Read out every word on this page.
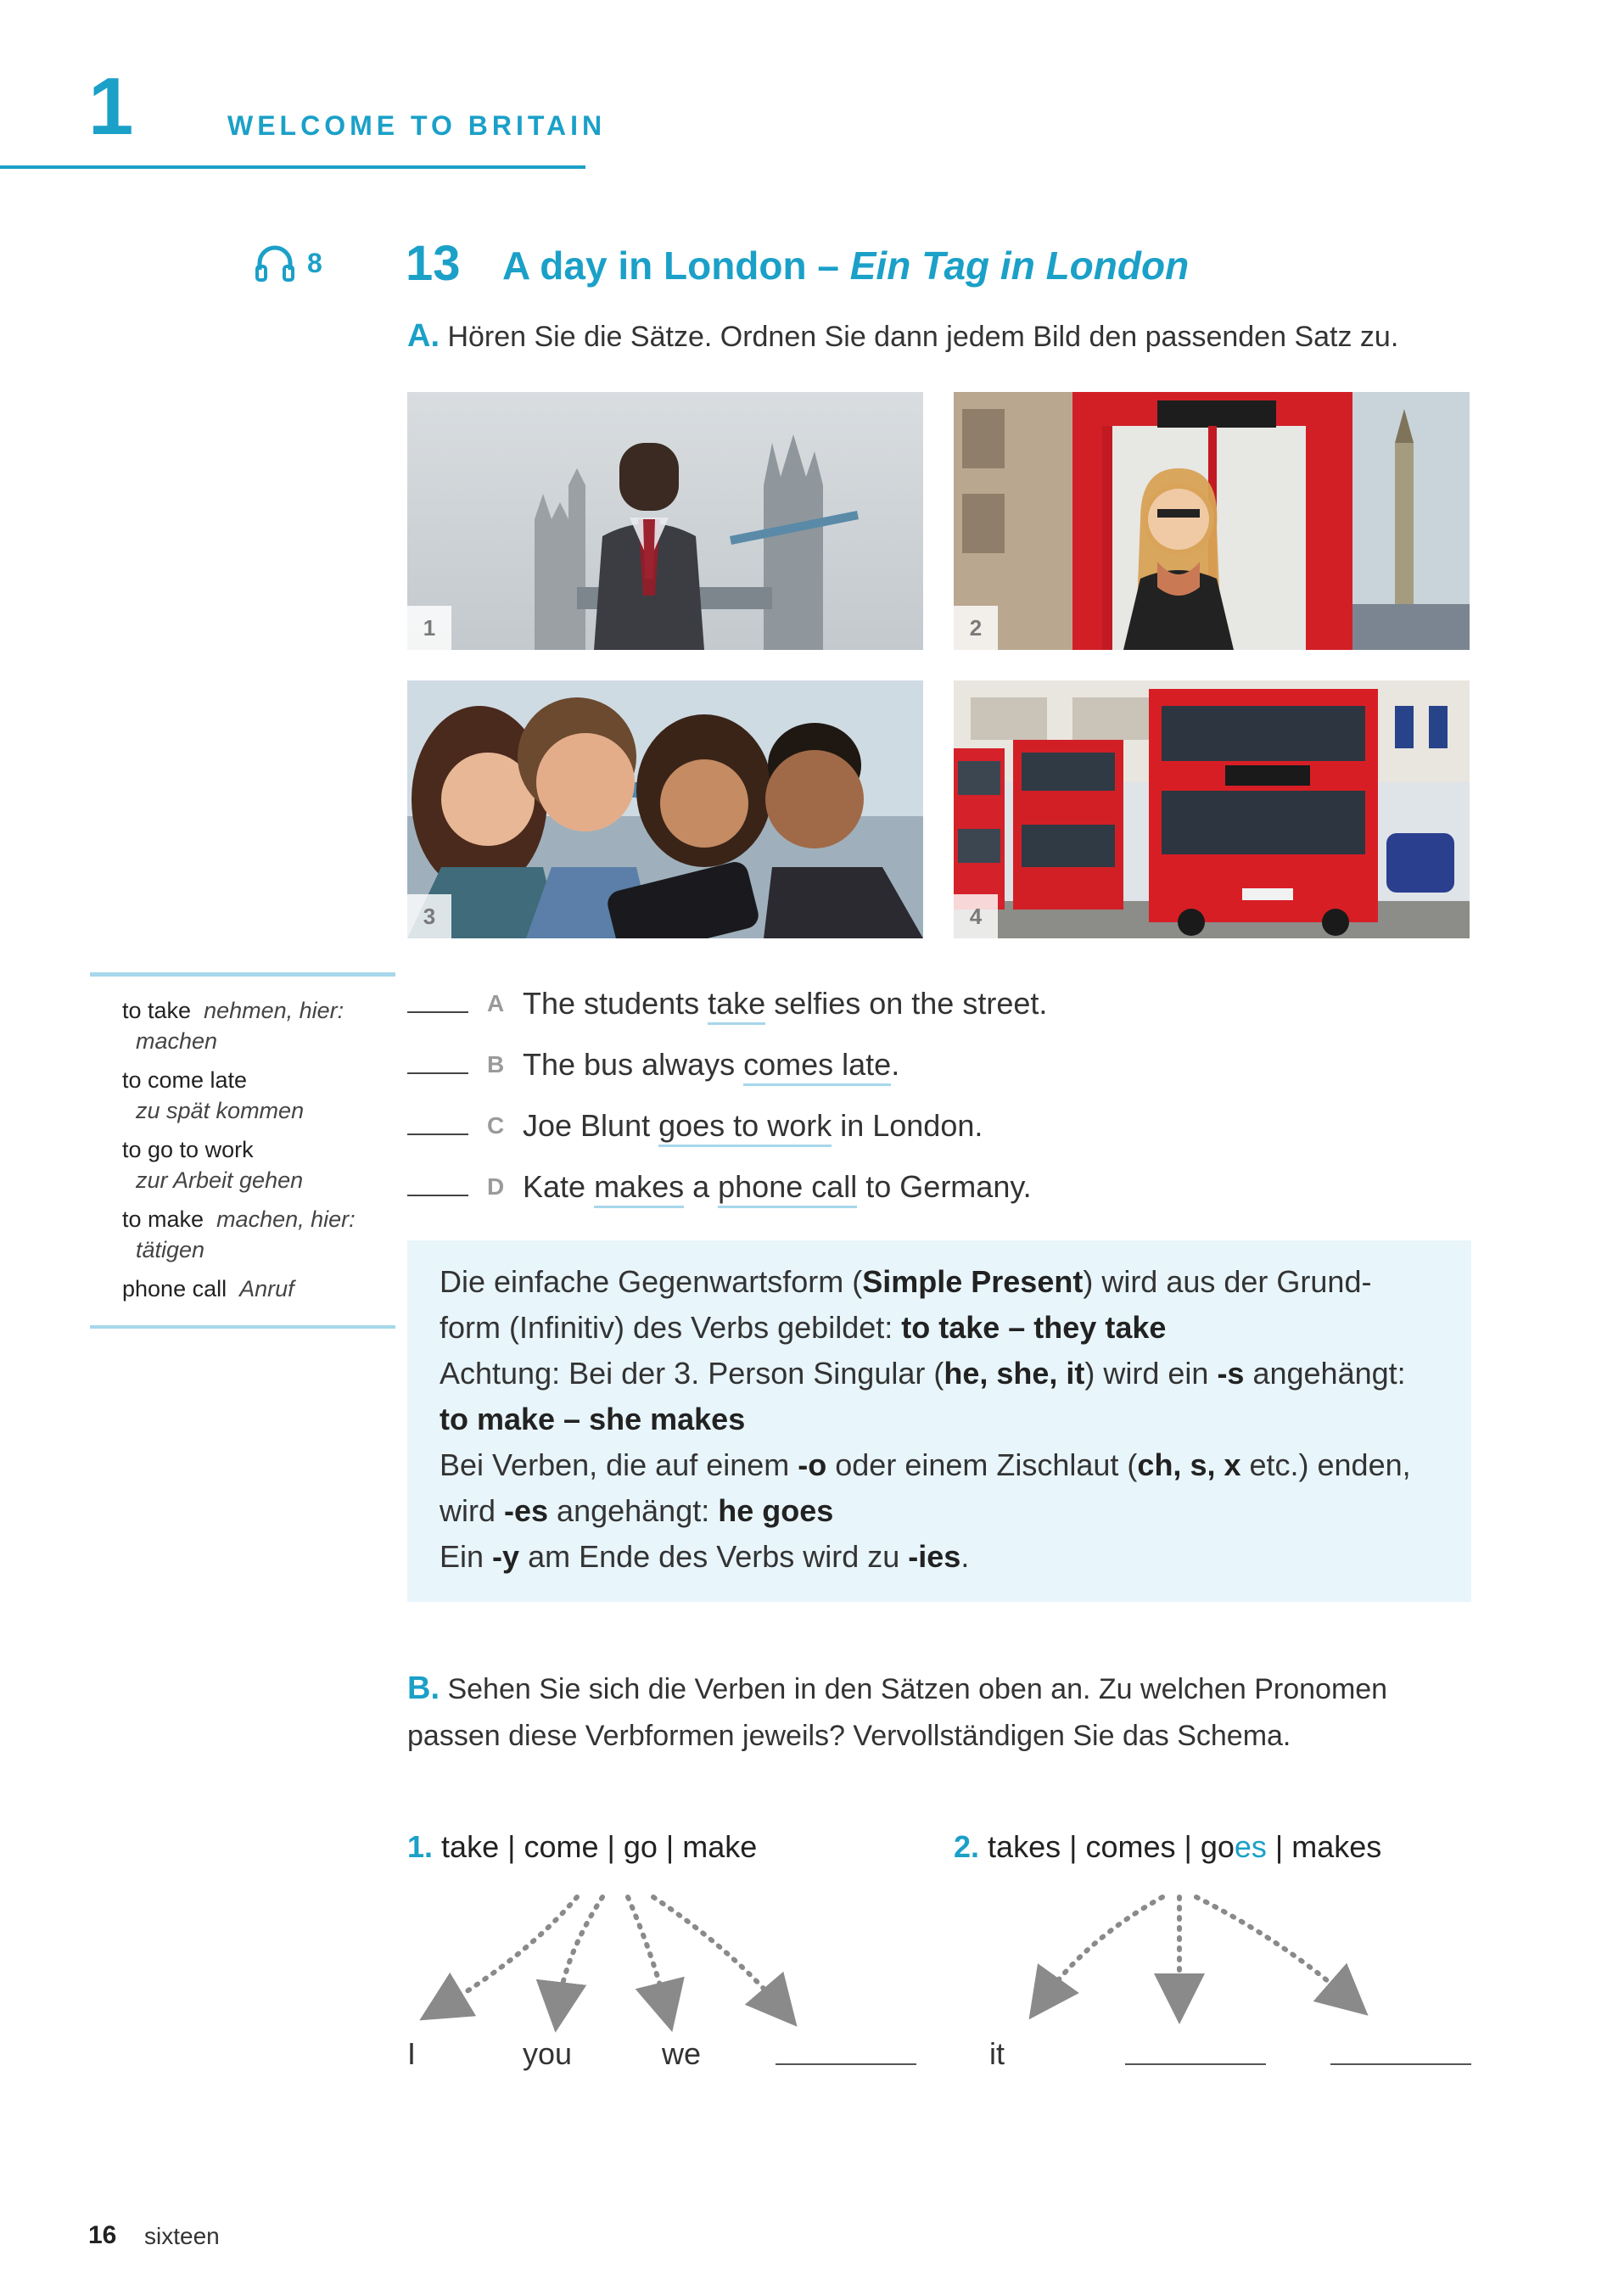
1	WELCOME TO BRITAIN
8 13 A day in London – Ein Tag in London
A. Hören Sie die Sätze. Ordnen Sie dann jedem Bild den passenden Satz zu.
1	2
3	4
to take nehmen, hier:
machen
to come late
zu spät kommen
to go to work
zur Arbeit gehen
to make machen, hier:
tätigen
phone call Anruf
A The students take selfies on the street.
B The bus always comes late.
C Joe Blunt goes to work in London.
D Kate makes a phone call to Germany.
Die einfache Gegenwartsform (Simple Present) wird aus der Grund-
form (Infinitiv) des Verbs gebildet: to take – they take
Achtung: Bei der 3. Person Singular (he, she, it) wird ein -s angehängt:
to make – she makes
Bei Verben, die auf einem -o oder einem Zischlaut (ch, s, x etc.) enden,
wird -es angehängt: he goes
Ein -y am Ende des Verbs wird zu -ies.
B. Sehen Sie sich die Verben in den Sätzen oben an. Zu welchen Pronomen
passen diese Verbformen jeweils? Vervollständigen Sie das Schema.
1. take | come | go | make	2. takes | comes | goes | makes
I	you	we	it
16 sixteen
